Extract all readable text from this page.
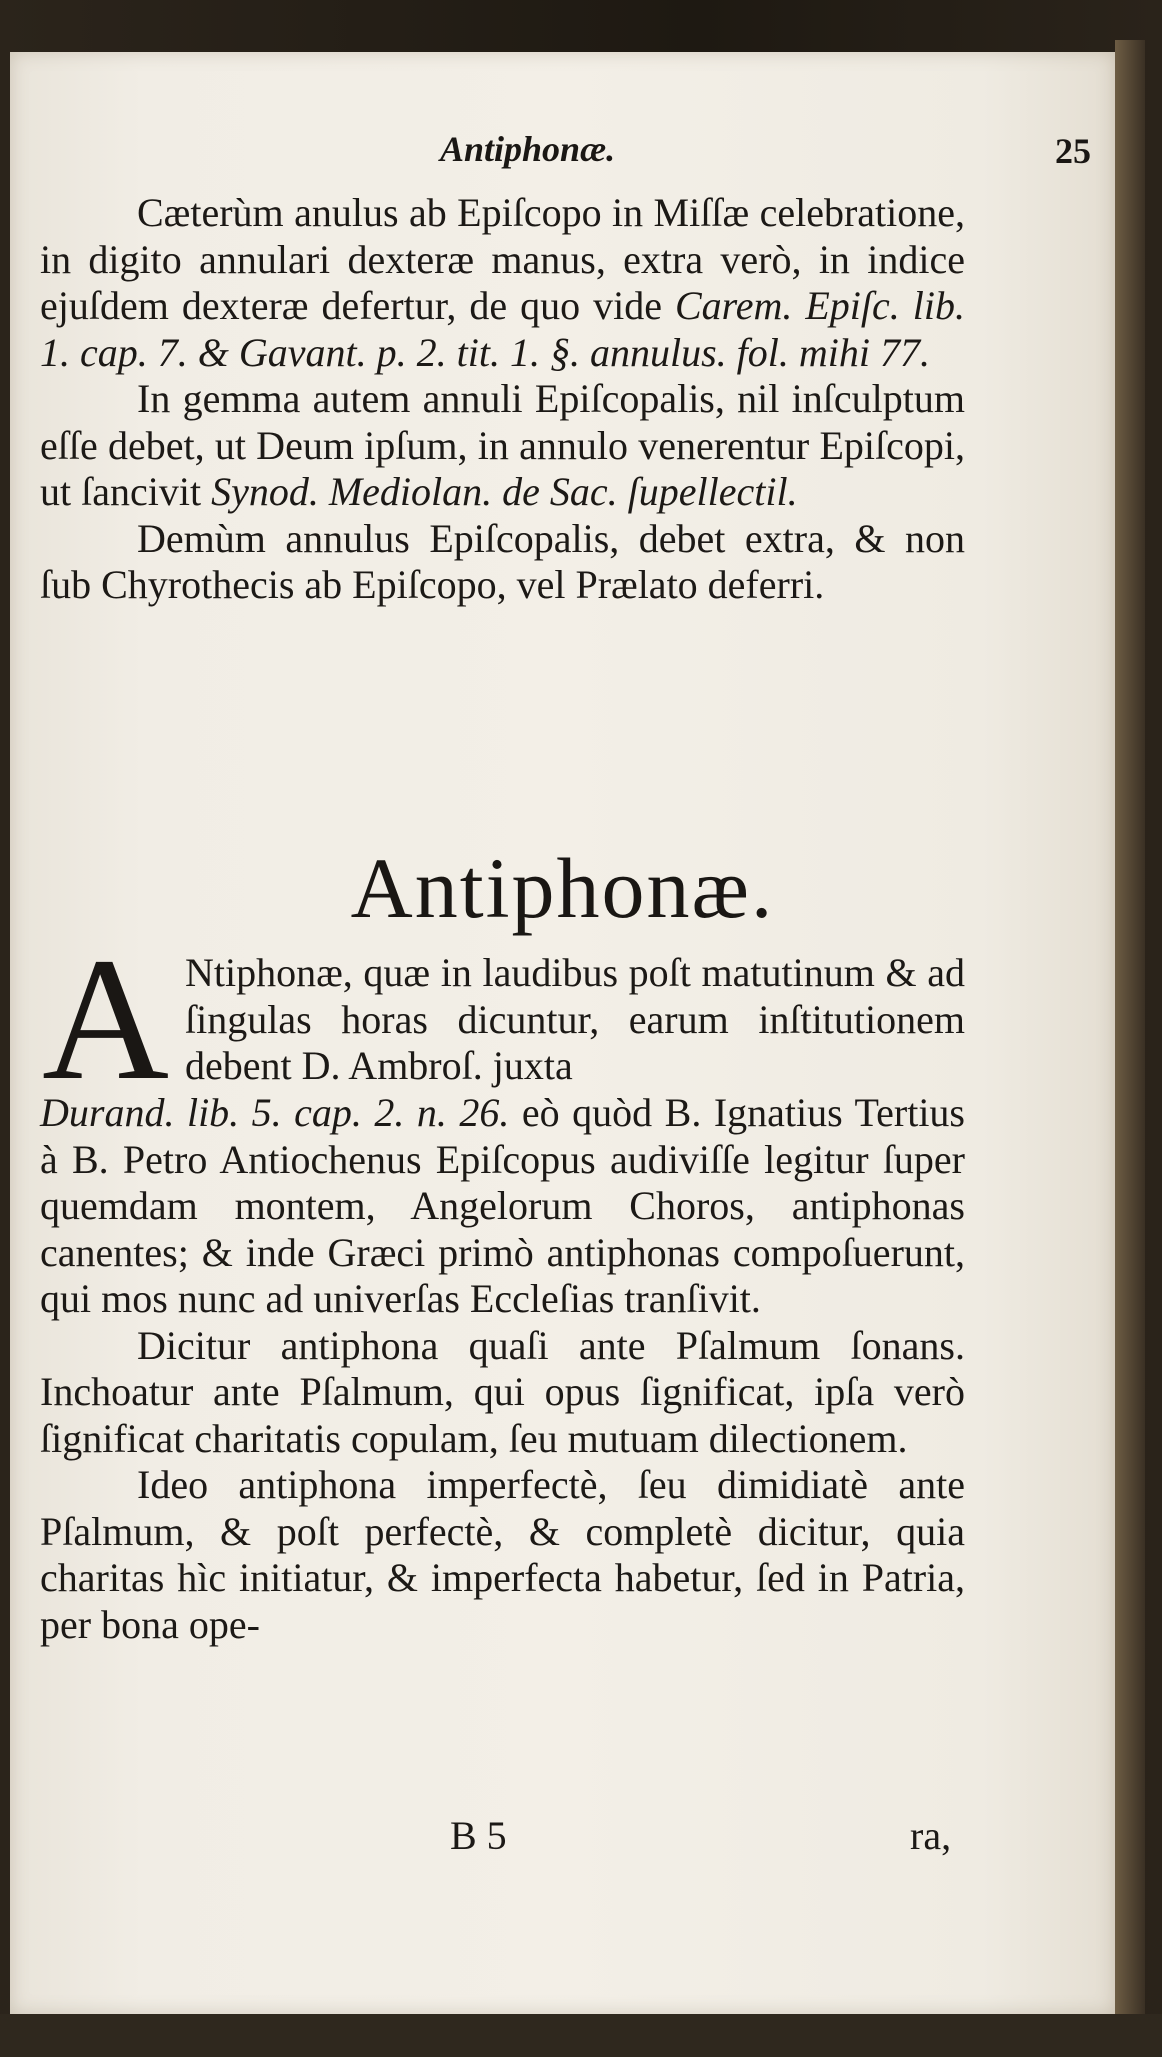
Antiphonæ.	25

Cæterùm anulus ab Epiſcopo in Miſſæ celebratione, in digito annulari dexteræ manus, extra verò, in indice ejuſdem dexteræ defertur, de quo vide Carem. Epiſc. lib. 1. cap. 7. & Gavant. p. 2. tit. 1. §. annulus. fol. mihi 77.

In gemma autem annuli Epiſcopalis, nil inſculptum eſſe debet, ut Deum ipſum, in annulo venerentur Epiſcopi, ut ſancivit Synod. Mediolan. de Sac. ſupellectil.

Demùm annulus Epiſcopalis, debet extra, & non ſub Chyrothecis ab Epiſcopo, vel Prælato deferri.

Antiphonæ.
A Ntiphonæ, quæ in laudibus poſt matutinum & ad ſingulas horas dicuntur, earum inſtitutionem debent D. Ambroſ. juxta

Durand. lib. 5. cap. 2. n. 26. eò quòd B. Ignatius Tertius à B. Petro Antiochenus Epiſcopus audiviſſe legitur ſuper quemdam montem, Angelorum Choros, antiphonas canentes; & inde Græci primò antiphonas compoſuerunt, qui mos nunc ad univerſas Eccleſias tranſivit.

Dicitur antiphona quaſi ante Pſalmum ſonans. Inchoatur ante Pſalmum, qui opus ſignificat, ipſa verò ſignificat charitatis copulam, ſeu mutuam dilectionem.

Ideo antiphona imperfectè, ſeu dimidiatè ante Pſalmum, & poſt perfectè, & completè dicitur, quia charitas hìc initiatur, & imperfecta habetur, ſed in Patria, per bona ope-

B 5	ra,
